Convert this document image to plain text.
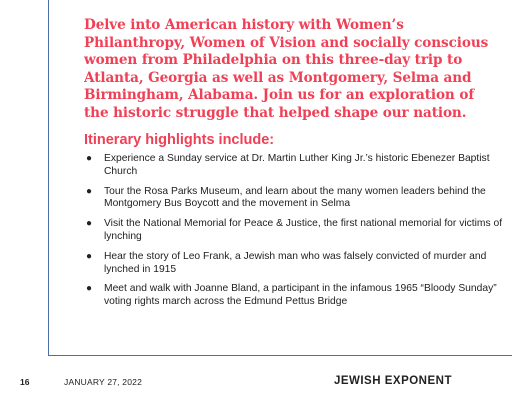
Delve into American history with Women’s Philanthropy, Women of Vision and socially conscious women from Philadelphia on this three-day trip to Atlanta, Georgia as well as Montgomery, Selma and Birmingham, Alabama. Join us for an exploration of the historic struggle that helped shape our nation.

Itinerary highlights include:
● Experience a Sunday service at Dr. Martin Luther King Jr.’s historic Ebenezer Baptist Church
● Tour the Rosa Parks Museum, and learn about the many women leaders behind the Montgomery Bus Boycott and the movement in Selma
● Visit the National Memorial for Peace & Justice, the first national memorial for victims of lynching
● Hear the story of Leo Frank, a Jewish man who was falsely convicted of murder and lynched in 1915
● Meet and walk with Joanne Bland, a participant in the infamous 1965 “Bloody Sunday” voting rights march across the Edmund Pettus Bridge
16	JANUARY 27, 2022	JEWISH EXPONENT
